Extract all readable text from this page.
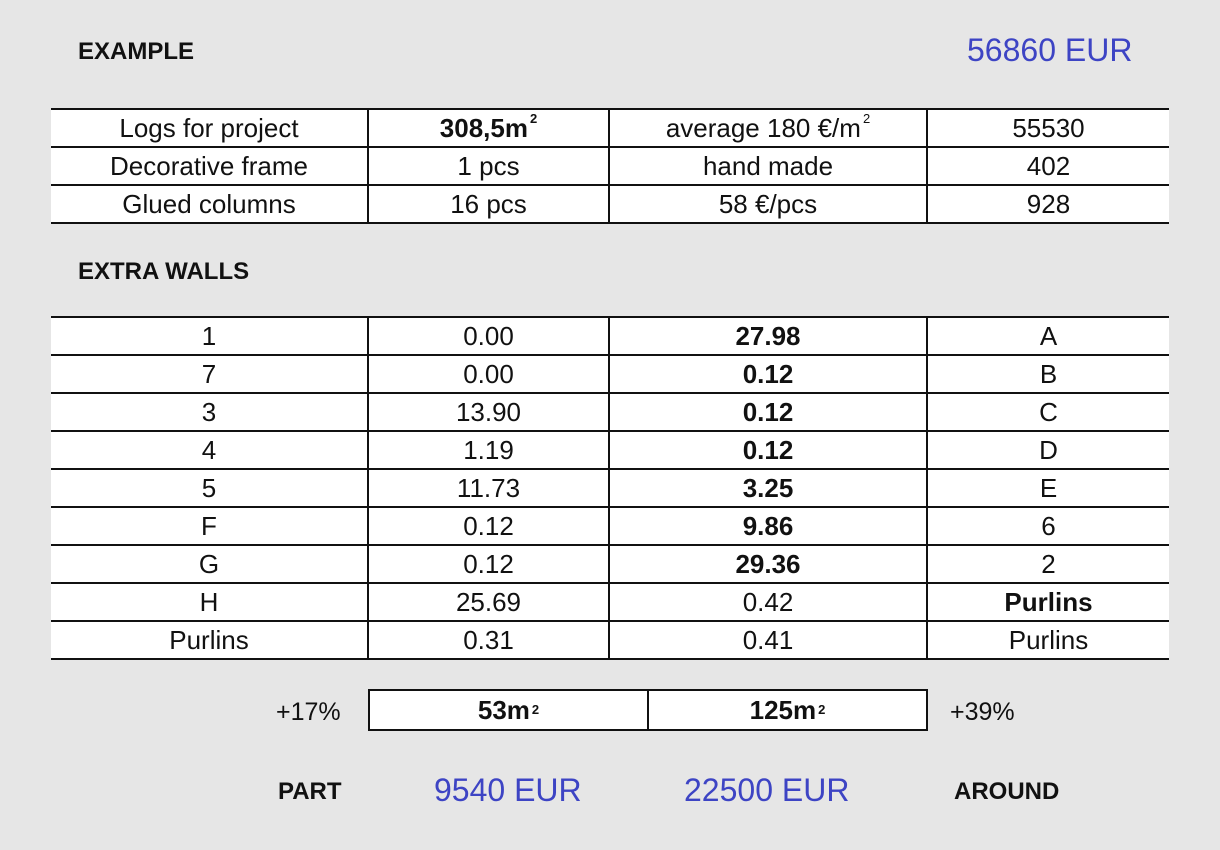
EXAMPLE	56860 EUR
Logs for project	308,5m $^2$	average 180 €/m $^2$	55530
Decorative frame	1 pcs	hand made	402
Glued columns	16 pcs	58 €/pcs	928
EXTRA WALLS
1	0.00	27.98	A
7	0.00	0.12	B
3	13.90	0.12	C
4	1.19	0.12	D
5	11.73	3.25	E
F	0.12	9.86	6
G	0.12	29.36	2
H	25.69	0.42	Purlins
Purlins	0.31	0.41	Purlins
+17%	53m 2	125m 2	+39%
PART	9540 EUR	22500 EUR	AROUND
